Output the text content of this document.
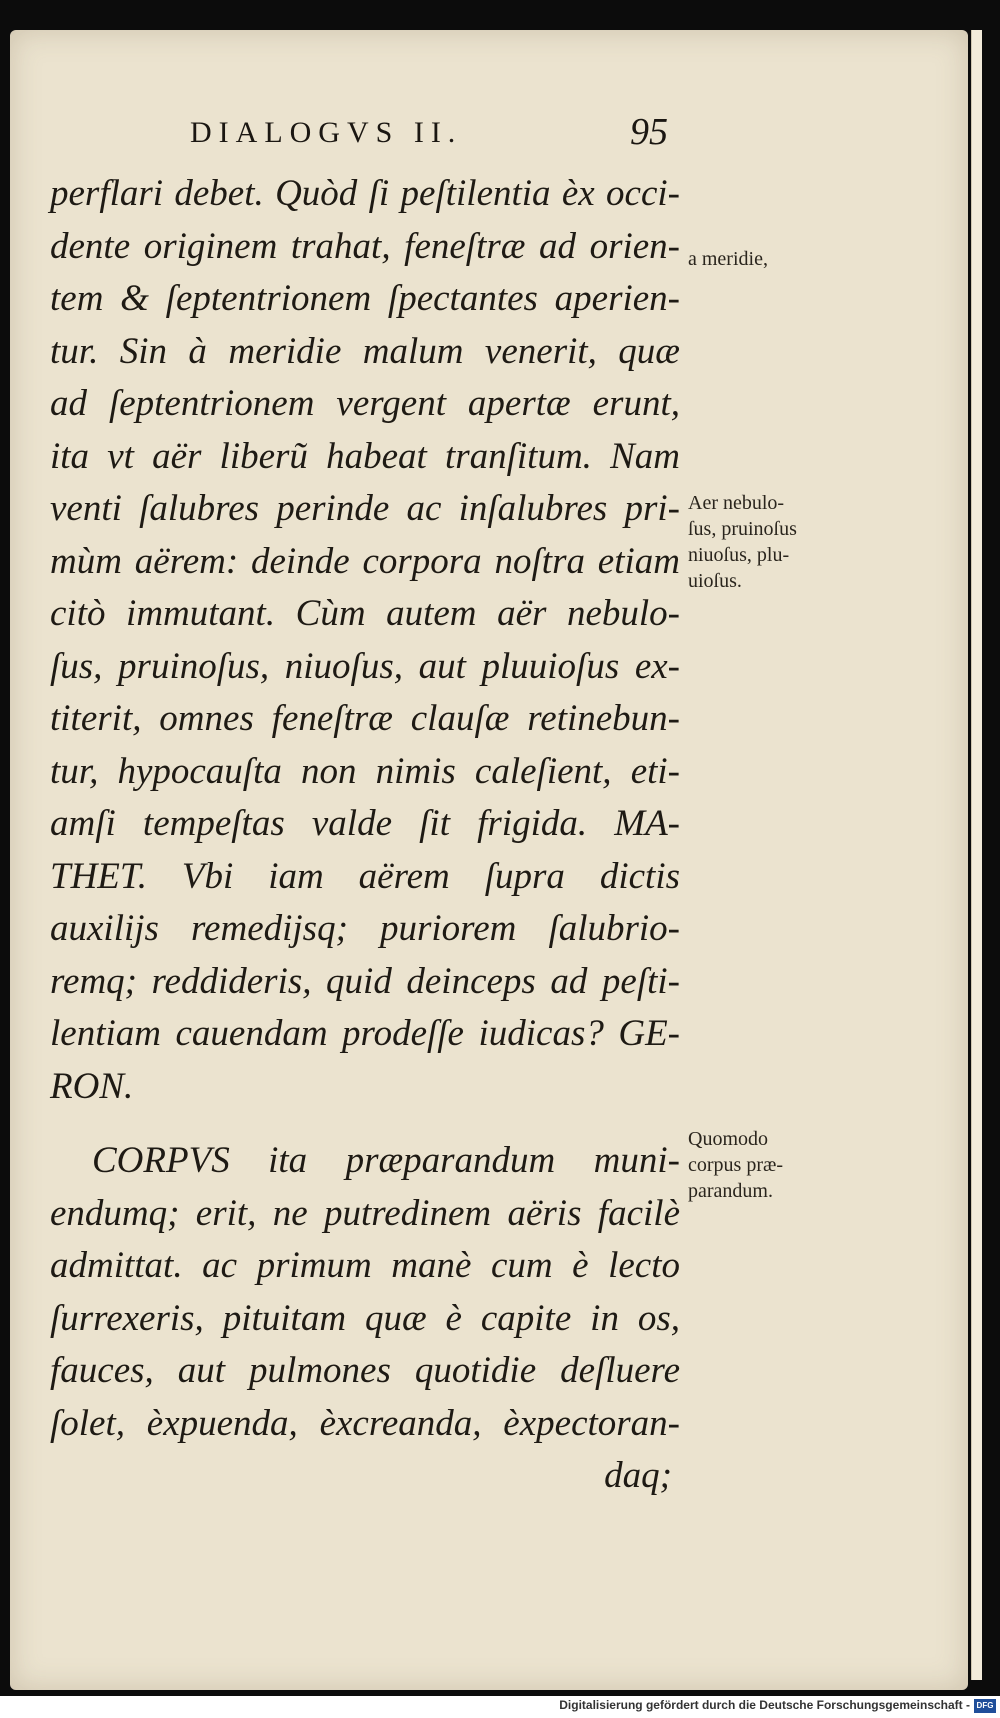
DIALOGVS II.	95
perflari debet. Quòd ſi peſtilentia èx occi-
dente originem trahat, feneſtræ ad orien-
tem & ſeptentrionem ſpectantes aperien-
tur. Sin à meridie malum venerit, quæ
ad ſeptentrionem vergent apertæ erunt,
ita vt aër liberũ habeat tranſitum. Nam
venti ſalubres perinde ac inſalubres pri-
mùm aërem: deinde corpora noſtra etiam
citò immutant. Cùm autem aër nebulo-
ſus, pruinoſus, niuoſus, aut pluuioſus ex-
titerit, omnes feneſtræ clauſæ retinebun-
tur, hypocauſta non nimis caleſient, eti-
amſi tempeſtas valde ſit frigida. MA-
THET. Vbi iam aërem ſupra dictis
auxilijs remedijsq; puriorem ſalubrio-
remq; reddideris, quid deinceps ad peſti-
lentiam cauendam prodeſſe iudicas? GE-
RON.
CORPVS ita præparandum muni-
endumq; erit, ne putredinem aëris facilè
admittat. ac primum manè cum è lecto
ſurrexeris, pituitam quæ è capite in os,
fauces, aut pulmones quotidie deſluere
ſolet, èxpuenda, èxcreanda, èxpectoran-
daq;
a meridie,
Aer nebulo-
ſus, pruinoſus
niuoſus, plu-
uioſus.
Quomodo
corpus præ-
parandum.
Digitalisierung gefördert durch die Deutsche Forschungsgemeinschaft - DFG
